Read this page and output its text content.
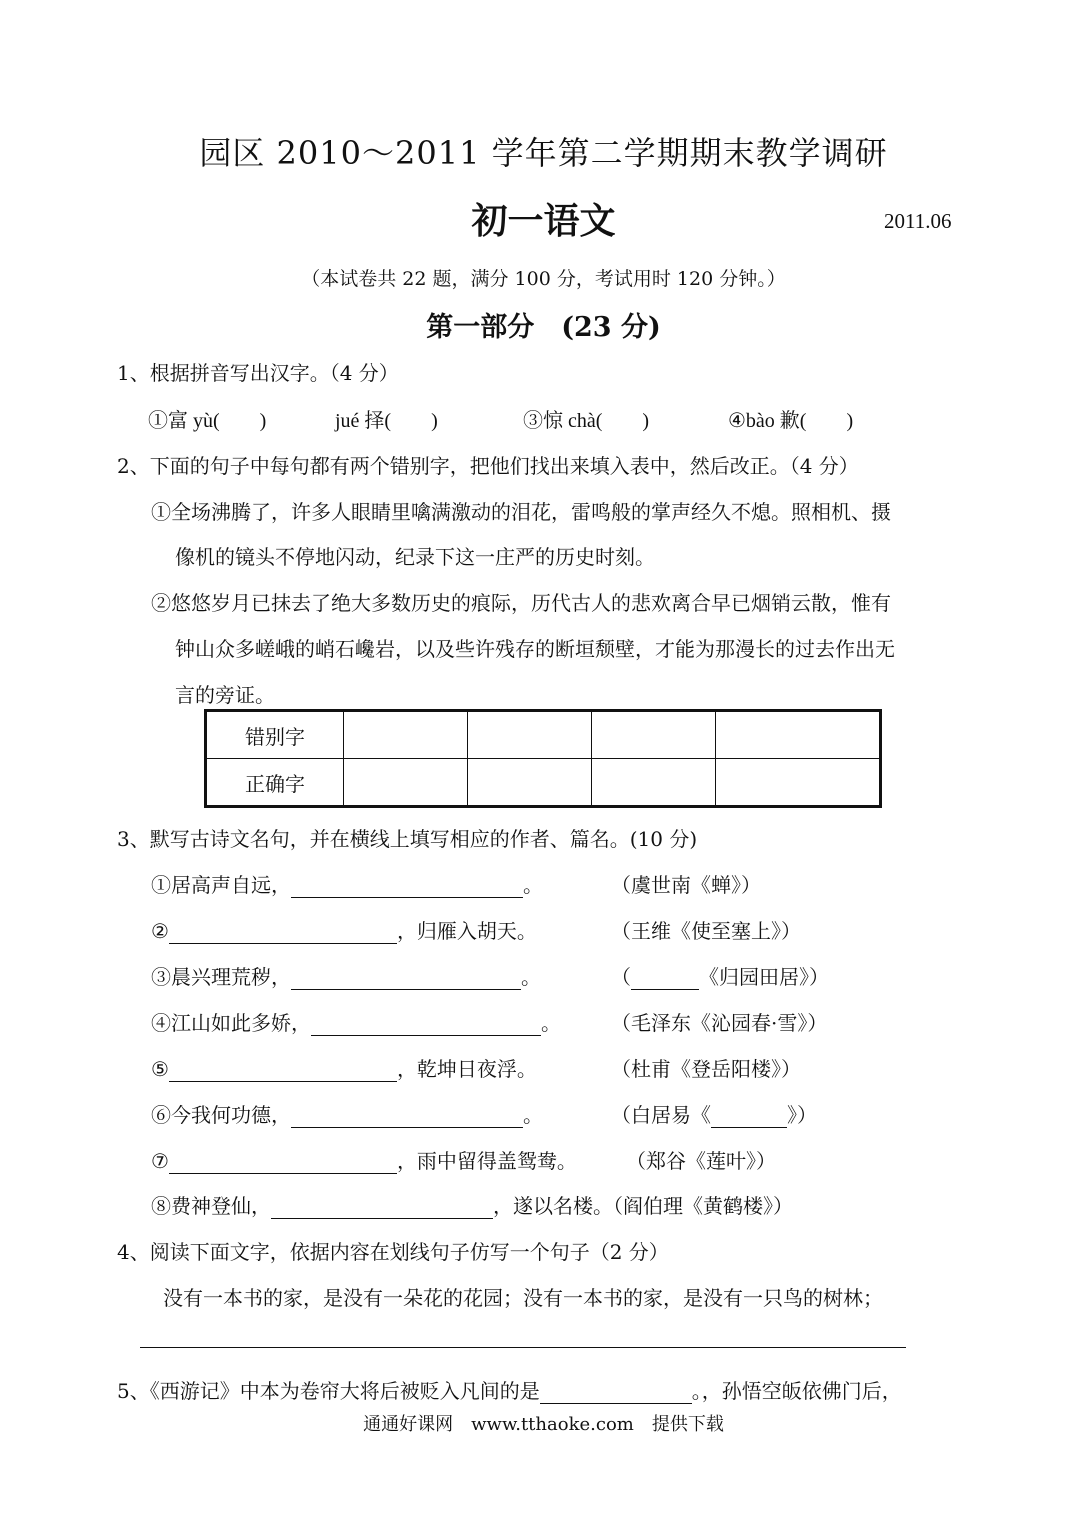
园区 2010～2011 学年第二学期期末教学调研
初一语文	2011.06
（本试卷共 22 题，满分 100 分，考试用时 120 分钟。）
第一部分　(23 分)
1、根据拼音写出汉字。（4 分）
①富 yù(　　)	jué 择(　　)	③惊 chà(　　)	④bào 歉(　　)
2、下面的句子中每句都有两个错别字，把他们找出来填入表中，然后改正。（4 分）
①全场沸腾了，许多人眼睛里噙满激动的泪花，雷鸣般的掌声经久不熄。照相机、摄
像机的镜头不停地闪动，纪录下这一庄严的历史时刻。
②悠悠岁月已抹去了绝大多数历史的痕际，历代古人的悲欢离合早已烟销云散，惟有
钟山众多嵯峨的峭石巉岩，以及些许残存的断垣颓壁，才能为那漫长的过去作出无
言的旁证。
错别字				
正确字				
3、默写古诗文名句，并在横线上填写相应的作者、篇名。(10 分)
①居高声自远，	。	（虞世南《蝉》）
②	，归雁入胡天。	（王维《使至塞上》）
③晨兴理荒秽，	。	（	《归园田居》）
④江山如此多娇，	。	（毛泽东《沁园春·雪》）
⑤	，乾坤日夜浮。	（杜甫《登岳阳楼》）
⑥今我何功德，	。	（白居易《	》）
⑦	，雨中留得盖鸳鸯。 （郑谷《莲叶》）
⑧费神登仙，	，遂以名楼。（阎伯理《黄鹤楼》）
4、阅读下面文字，依据内容在划线句子仿写一个句子（2 分）
没有一本书的家，是没有一朵花的花园；没有一本书的家，是没有一只鸟的树林；
5、《西游记》中本为卷帘大将后被贬入凡间的是	。，孙悟空皈依佛门后，
通通好课网　www.tthaoke.com　提供下载
